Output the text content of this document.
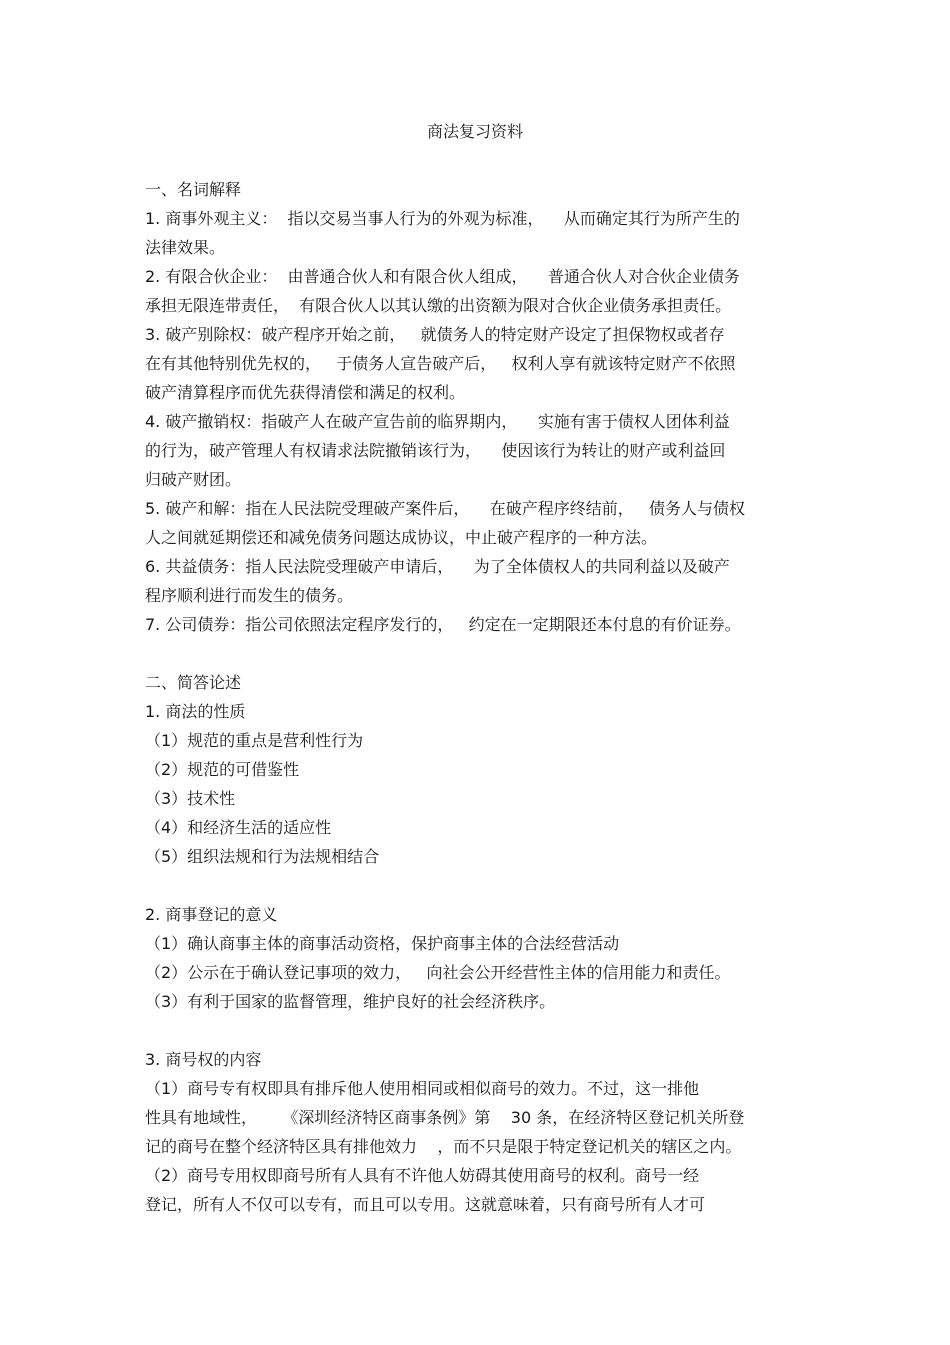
商法复习资料
一、名词解释
1. 商事外观主义：  指以交易当事人行为的外观为标准，    从而确定其行为所产生的
法律效果。
2. 有限合伙企业：  由普通合伙人和有限合伙人组成，    普通合伙人对合伙企业债务
承担无限连带责任，  有限合伙人以其认缴的出资额为限对合伙企业债务承担责任。
3. 破产别除权：破产程序开始之前，   就债务人的特定财产设定了担保物权或者存
在有其他特别优先权的，   于债务人宣告破产后，   权利人享有就该特定财产不依照
破产清算程序而优先获得清偿和满足的权利。
4. 破产撤销权：指破产人在破产宣告前的临界期内，    实施有害于债权人团体利益
的行为，破产管理人有权请求法院撤销该行为，    使因该行为转让的财产或利益回
归破产财团。
5. 破产和解：指在人民法院受理破产案件后，    在破产程序终结前，   债务人与债权
人之间就延期偿还和减免债务问题达成协议，中止破产程序的一种方法。
6. 共益债务：指人民法院受理破产申请后，    为了全体债权人的共同利益以及破产
程序顺利进行而发生的债务。
7. 公司债券：指公司依照法定程序发行的，   约定在一定期限还本付息的有价证券。
二、简答论述
1. 商法的性质
（1）规范的重点是营利性行为
（2）规范的可借鉴性
（3）技术性
（4）和经济生活的适应性
（5）组织法规和行为法规相结合
2. 商事登记的意义
（1）确认商事主体的商事活动资格，保护商事主体的合法经营活动
（2）公示在于确认登记事项的效力，   向社会公开经营性主体的信用能力和责任。
（3）有利于国家的监督管理，维护良好的社会经济秩序。
3. 商号权的内容
（1）商号专有权即具有排斥他人使用相同或相似商号的效力。不过，这一排他
性具有地域性，     《深圳经济特区商事条例》第    30 条，在经济特区登记机关所登
记的商号在整个经济特区具有排他效力    ，而不只是限于特定登记机关的辖区之内。
（2）商号专用权即商号所有人具有不许他人妨碍其使用商号的权利。商号一经
登记，所有人不仅可以专有，而且可以专用。这就意味着，只有商号所有人才可
